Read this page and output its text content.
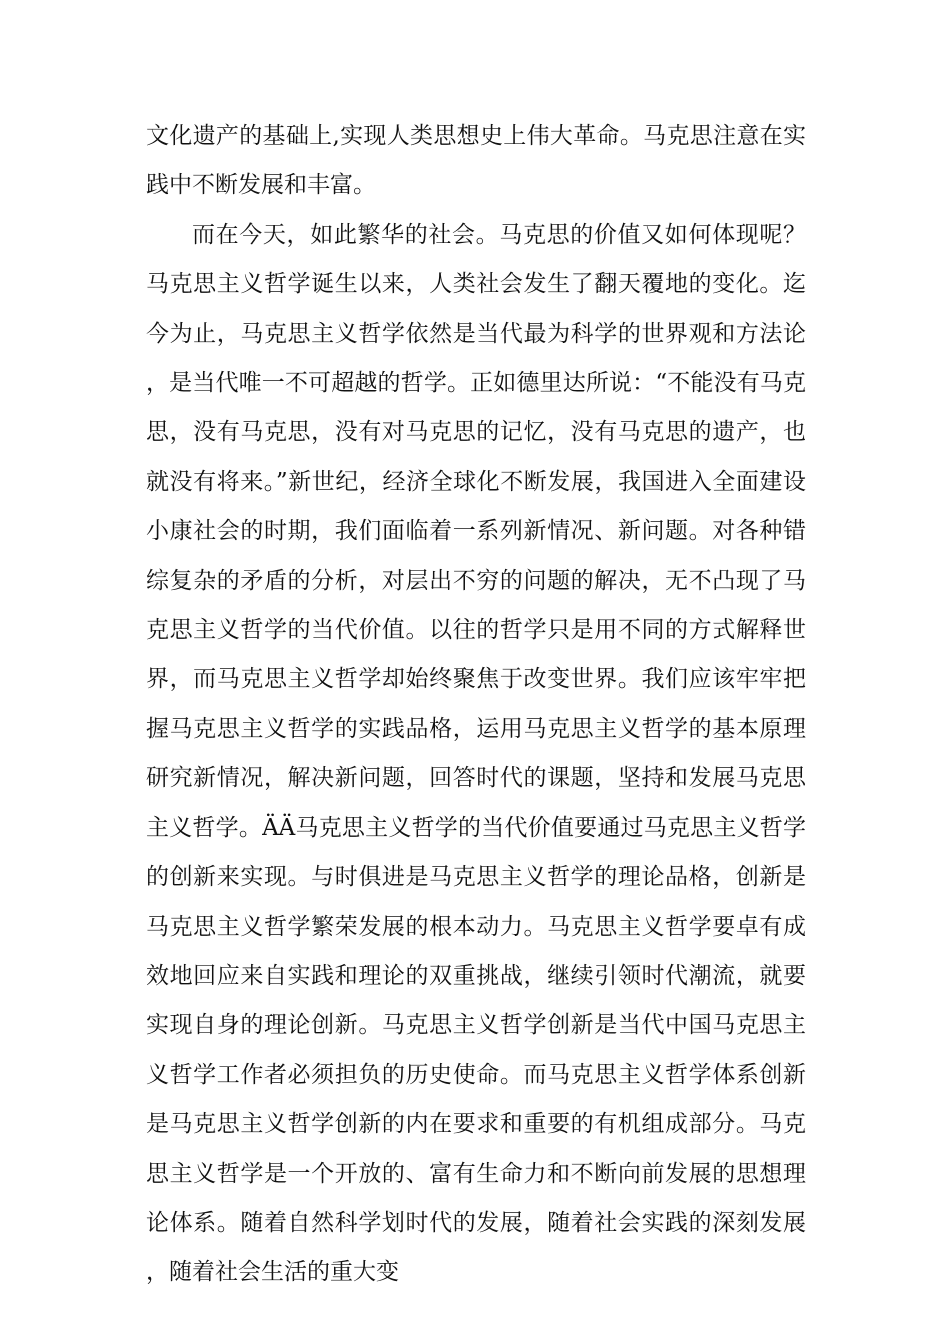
文化遗产的基础上,实现人类思想史上伟大革命。马克思注意在实践中不断发展和丰富。

而在今天，如此繁华的社会。马克思的价值又如何体现呢？马克思主义哲学诞生以来，人类社会发生了翻天覆地的变化。迄今为止，马克思主义哲学依然是当代最为科学的世界观和方法论，是当代唯一不可超越的哲学。正如德里达所说：“不能没有马克思，没有马克思，没有对马克思的记忆，没有马克思的遗产，也就没有将来。”新世纪，经济全球化不断发展，我国进入全面建设小康社会的时期，我们面临着一系列新情况、新问题。对各种错综复杂的矛盾的分析，对层出不穷的问题的解决，无不凸现了马克思主义哲学的当代价值。以往的哲学只是用不同的方式解释世界，而马克思主义哲学却始终聚焦于改变世界。我们应该牢牢把握马克思主义哲学的实践品格，运用马克思主义哲学的基本原理研究新情况，解决新问题，回答时代的课题，坚持和发展马克思主义哲学。ÄÄ马克思主义哲学的当代价值要通过马克思主义哲学的创新来实现。与时俱进是马克思主义哲学的理论品格，创新是马克思主义哲学繁荣发展的根本动力。马克思主义哲学要卓有成效地回应来自实践和理论的双重挑战，继续引领时代潮流，就要实现自身的理论创新。马克思主义哲学创新是当代中国马克思主义哲学工作者必须担负的历史使命。而马克思主义哲学体系创新是马克思主义哲学创新的内在要求和重要的有机组成部分。马克思主义哲学是一个开放的、富有生命力和不断向前发展的思想理论体系。随着自然科学划时代的发展，随着社会实践的深刻发展，随着社会生活的重大变
